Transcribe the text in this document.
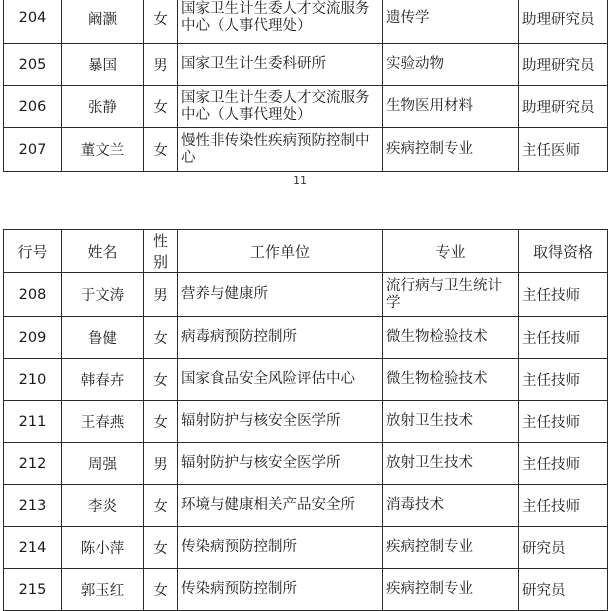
204	阚灏	女	国家卫生计生委人才交流服务中心（人事代理处）	遗传学	助理研究员
205	暴国	男	国家卫生计生委科研所	实验动物	助理研究员
206	张静	女	国家卫生计生委人才交流服务中心（人事代理处）	生物医用材料	助理研究员
207	董文兰	女	慢性非传染性疾病预防控制中心	疾病控制专业	主任医师
11
行号	姓名	性别	工作单位	专业	取得资格
208	于文涛	男	营养与健康所	流行病与卫生统计学	主任技师
209	鲁健	女	病毒病预防控制所	微生物检验技术	主任技师
210	韩春卉	女	国家食品安全风险评估中心	微生物检验技术	主任技师
211	王春燕	女	辐射防护与核安全医学所	放射卫生技术	主任技师
212	周强	男	辐射防护与核安全医学所	放射卫生技术	主任技师
213	李炎	女	环境与健康相关产品安全所	消毒技术	主任技师
214	陈小萍	女	传染病预防控制所	疾病控制专业	研究员
215	郭玉红	女	传染病预防控制所	疾病控制专业	研究员
